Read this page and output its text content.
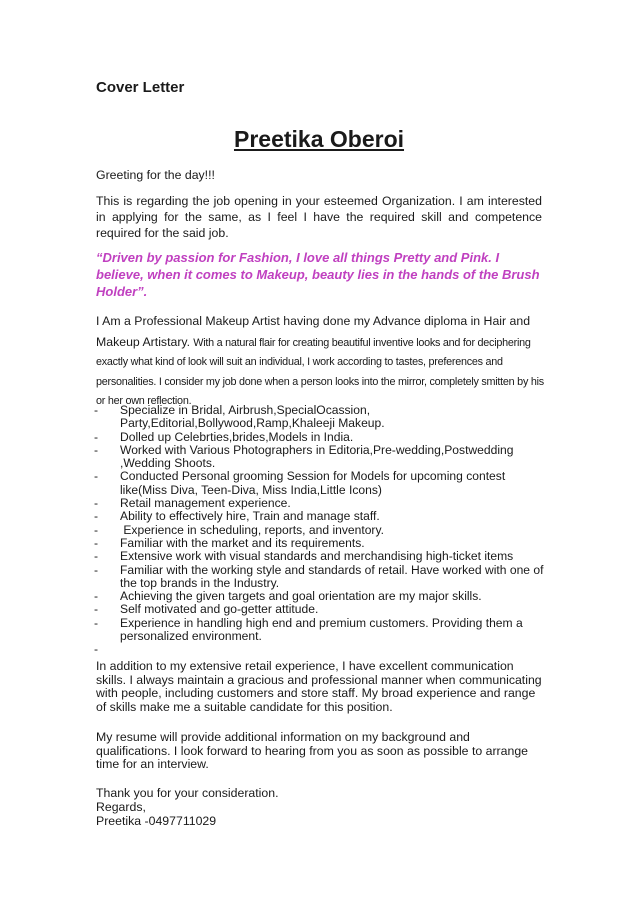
Cover Letter
Preetika Oberoi
Greeting for the day!!!
This is regarding the job opening in your esteemed Organization. I am interested in applying for the same, as I feel I have the required skill and competence required for the said job.
“Driven by passion for Fashion, I love all things Pretty and Pink. I believe, when it comes to Makeup, beauty lies in the hands of the Brush Holder”.
I Am a Professional Makeup Artist having done my Advance diploma in Hair and Makeup Artistary. With a natural flair for creating beautiful inventive looks and for deciphering exactly what kind of look will suit an individual, I work according to tastes, preferences and personalities. I consider my job done when a person looks into the mirror, completely smitten by his or her own reflection.
- Specialize in Bridal, Airbrush,SpecialOcassion, Party,Editorial,Bollywood,Ramp,Khaleeji Makeup.
- Dolled up Celebrties,brides,Models in India.
- Worked with Various Photographers in Editoria,Pre-wedding,Postwedding ,Wedding Shoots.
- Conducted Personal grooming Session for Models for upcoming contest like(Miss Diva, Teen-Diva, Miss India,Little Icons)
- Retail management experience.
- Ability to effectively hire, Train and manage staff.
- Experience in scheduling, reports, and inventory.
- Familiar with the market and its requirements.
- Extensive work with visual standards and merchandising high-ticket items
- Familiar with the working style and standards of retail. Have worked with one of the top brands in the Industry.
- Achieving the given targets and goal orientation are my major skills.
- Self motivated and go-getter attitude.
- Experience in handling high end and premium customers. Providing them a personalized environment.
-
In addition to my extensive retail experience, I have excellent communication skills. I always maintain a gracious and professional manner when communicating with people, including customers and store staff. My broad experience and range of skills make me a suitable candidate for this position.
My resume will provide additional information on my background and qualifications. I look forward to hearing from you as soon as possible to arrange time for an interview.
Thank you for your consideration.
Regards,
Preetika -0497711029
